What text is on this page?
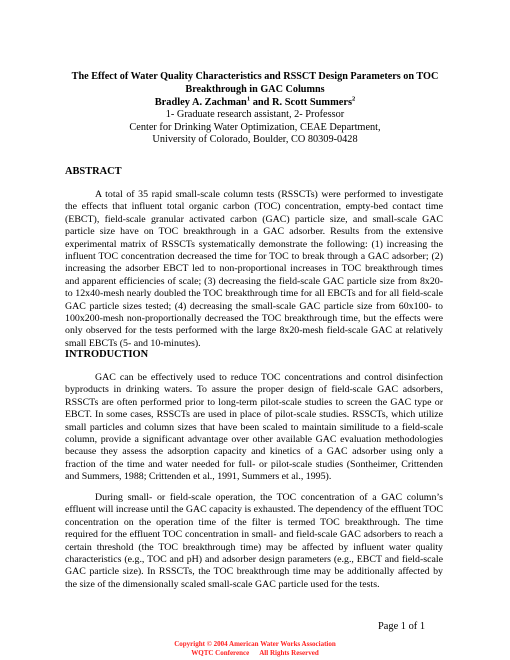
The Effect of Water Quality Characteristics and RSSCT Design Parameters on TOC Breakthrough in GAC Columns

Bradley A. Zachman$^1$ and R. Scott Summers$^2$

1- Graduate research assistant, 2- Professor

Center for Drinking Water Optimization, CEAE Department,

University of Colorado, Boulder, CO 80309-0428

ABSTRACT

A total of 35 rapid small-scale column tests (RSSCTs) were performed to investigate the effects that influent total organic carbon (TOC) concentration, empty-bed contact time (EBCT), field-scale granular activated carbon (GAC) particle size, and small-scale GAC particle size have on TOC breakthrough in a GAC adsorber. Results from the extensive experimental matrix of RSSCTs systematically demonstrate the following: (1) increasing the influent TOC concentration decreased the time for TOC to break through a GAC adsorber; (2) increasing the adsorber EBCT led to non-proportional increases in TOC breakthrough times and apparent efficiencies of scale; (3) decreasing the field-scale GAC particle size from 8x20- to 12x40-mesh nearly doubled the TOC breakthrough time for all EBCTs and for all field-scale GAC particle sizes tested; (4) decreasing the small-scale GAC particle size from 60x100- to 100x200-mesh non-proportionally decreased the TOC breakthrough time, but the effects were only observed for the tests performed with the large 8x20-mesh field-scale GAC at relatively small EBCTs (5- and 10-minutes).

INTRODUCTION

GAC can be effectively used to reduce TOC concentrations and control disinfection byproducts in drinking waters. To assure the proper design of field-scale GAC adsorbers, RSSCTs are often performed prior to long-term pilot-scale studies to screen the GAC type or EBCT. In some cases, RSSCTs are used in place of pilot-scale studies. RSSCTs, which utilize small particles and column sizes that have been scaled to maintain similitude to a field-scale column, provide a significant advantage over other available GAC evaluation methodologies because they assess the adsorption capacity and kinetics of a GAC adsorber using only a fraction of the time and water needed for full- or pilot-scale studies (Sontheimer, Crittenden and Summers, 1988; Crittenden et al., 1991, Summers et al., 1995).

During small- or field-scale operation, the TOC concentration of a GAC column’s effluent will increase until the GAC capacity is exhausted. The dependency of the effluent TOC concentration on the operation time of the filter is termed TOC breakthrough. The time required for the effluent TOC concentration in small- and field-scale GAC adsorbers to reach a certain threshold (the TOC breakthrough time) may be affected by influent water quality characteristics (e.g., TOC and pH) and adsorber design parameters (e.g., EBCT and field-scale GAC particle size). In RSSCTs, the TOC breakthrough time may be additionally affected by the size of the dimensionally scaled small-scale GAC particle used for the tests.

Page 1 of 1

Copyright © 2004 American Water Works Association

WQTC Conference All Rights Reserved
